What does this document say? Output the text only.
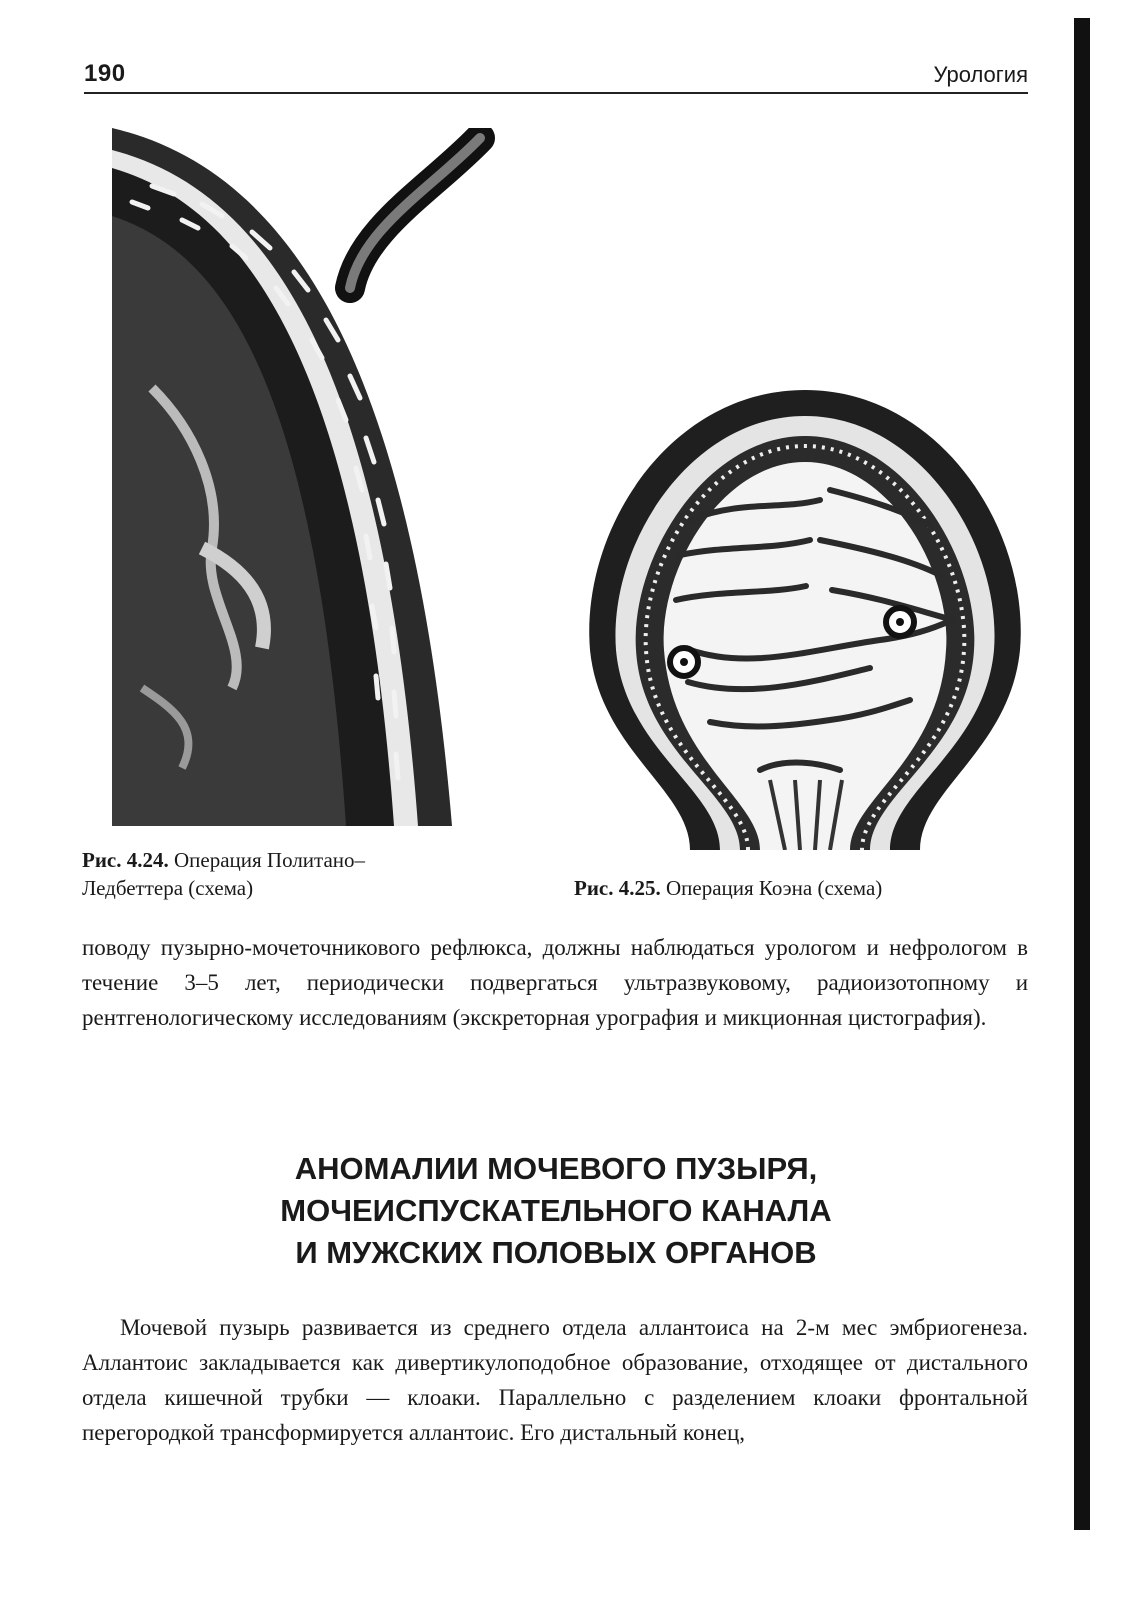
190	Урология
Рис. 4.24. Операция Политано–
Ледбеттера (схема)	Рис. 4.25. Операция Коэна (схема)

поводу пузырно-мочеточникового рефлюкса, должны наблюдаться урологом и нефрологом в течение 3–5 лет, периодически подвергаться ультразвуковому, радиоизотопному и рентгенологическому исследованиям (экскреторная урография и микционная цистография).

АНОМАЛИИ МОЧЕВОГО ПУЗЫРЯ,
МОЧЕИСПУСКАТЕЛЬНОГО КАНАЛА
И МУЖСКИХ ПОЛОВЫХ ОРГАНОВ

Мочевой пузырь развивается из среднего отдела аллантоиса на 2-м мес эмбриогенеза. Аллантоис закладывается как дивертикулоподобное образование, отходящее от дистального отдела кишечной трубки — клоаки. Параллельно с разделением клоаки фронтальной перегородкой трансформируется аллантоис. Его дистальный конец,
